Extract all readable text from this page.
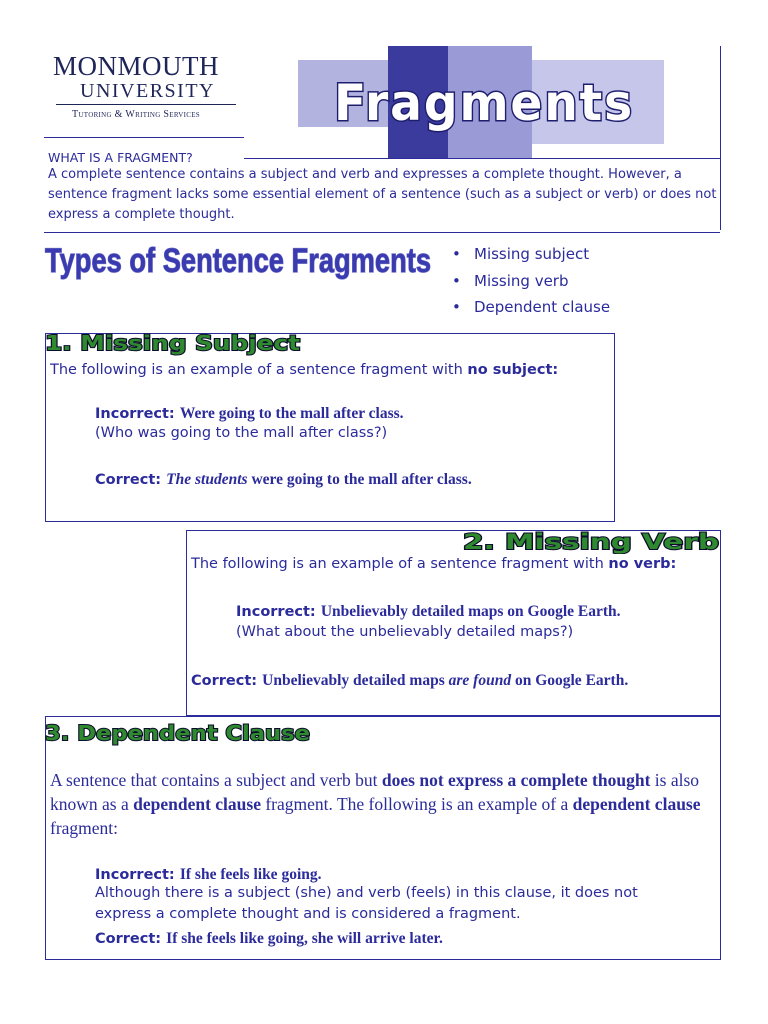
MONMOUTH
UNIVERSITY
Tutoring & Writing Services	Fragments
WHAT IS A FRAGMENT?
A complete sentence contains a subject and verb and expresses a complete thought. However, a sentence fragment lacks some essential element of a sentence (such as a subject or verb) or does not express a complete thought.
Types of Sentence Fragments
•	Missing subject
• Missing verb
• Dependent clause
1. Missing Subject
The following is an example of a sentence fragment with no subject:
Incorrect: Were going to the mall after class.
(Who was going to the mall after class?)
Correct: The students were going to the mall after class.
2. Missing Verb
The following is an example of a sentence fragment with no verb:
Incorrect: Unbelievably detailed maps on Google Earth.
(What about the unbelievably detailed maps?)
Correct: Unbelievably detailed maps are found on Google Earth.
3. Dependent Clause
A sentence that contains a subject and verb but does not express a complete thought is also known as a dependent clause fragment. The following is an example of a dependent clause fragment:
Incorrect: If she feels like going.
Although there is a subject (she) and verb (feels) in this clause, it does not
express a complete thought and is considered a fragment.
Correct: If she feels like going, she will arrive later.
